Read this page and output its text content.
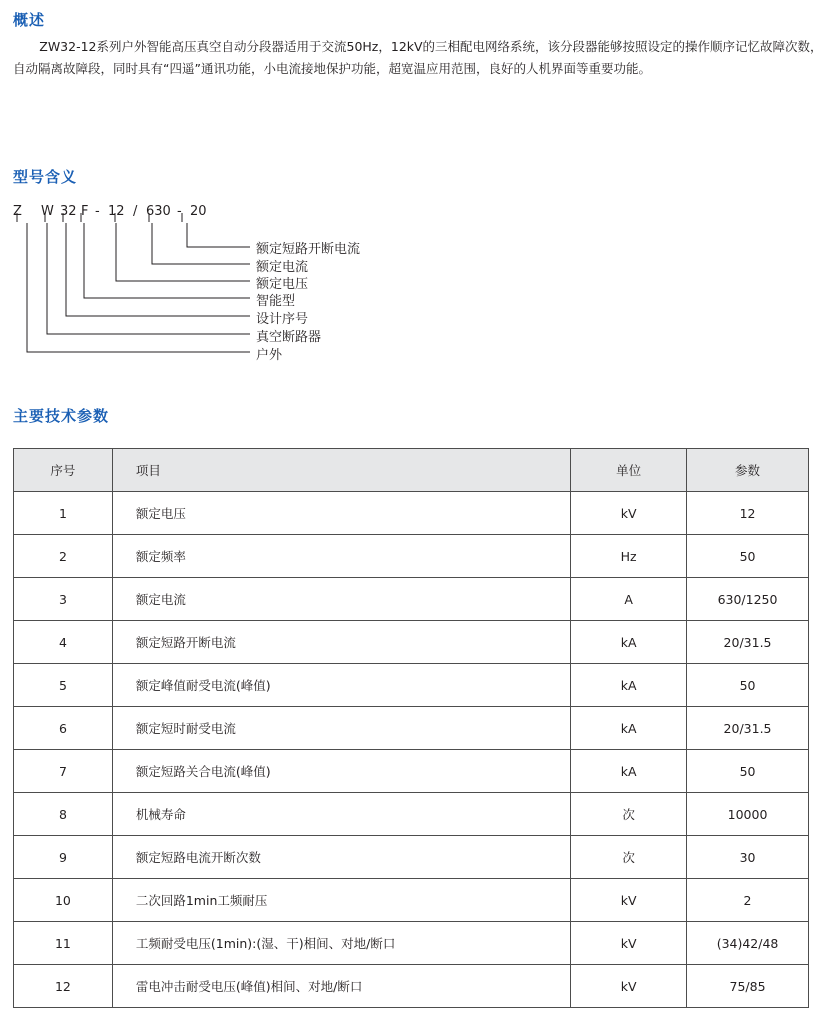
概述
ZW32-12系列户外智能高压真空自动分段器适用于交流50Hz，12kV的三相配电网络系统，该分段器能够按照设定的操作顺序记忆故障次数，自动隔离故障段，同时具有“四遥”通讯功能，小电流接地保护功能，超宽温应用范围，良好的人机界面等重要功能。
型号含义
Z W 32 F - 12 / 630 - 20
额定短路开断电流
额定电流
额定电压
智能型
设计序号
真空断路器
户外
主要技术参数
序号	项目	单位	参数
1	额定电压	kV	12
2	额定频率	Hz	50
3	额定电流	A	630/1250
4	额定短路开断电流	kA	20/31.5
5	额定峰值耐受电流(峰值)	kA	50
6	额定短时耐受电流	kA	20/31.5
7	额定短路关合电流(峰值)	kA	50
8	机械寿命	次	10000
9	额定短路电流开断次数	次	30
10	二次回路1min工频耐压	kV	2
11	工频耐受电压(1min):(湿、干)相间、对地/断口	kV	(34)42/48
12	雷电冲击耐受电压(峰值)相间、对地/断口	kV	75/85
